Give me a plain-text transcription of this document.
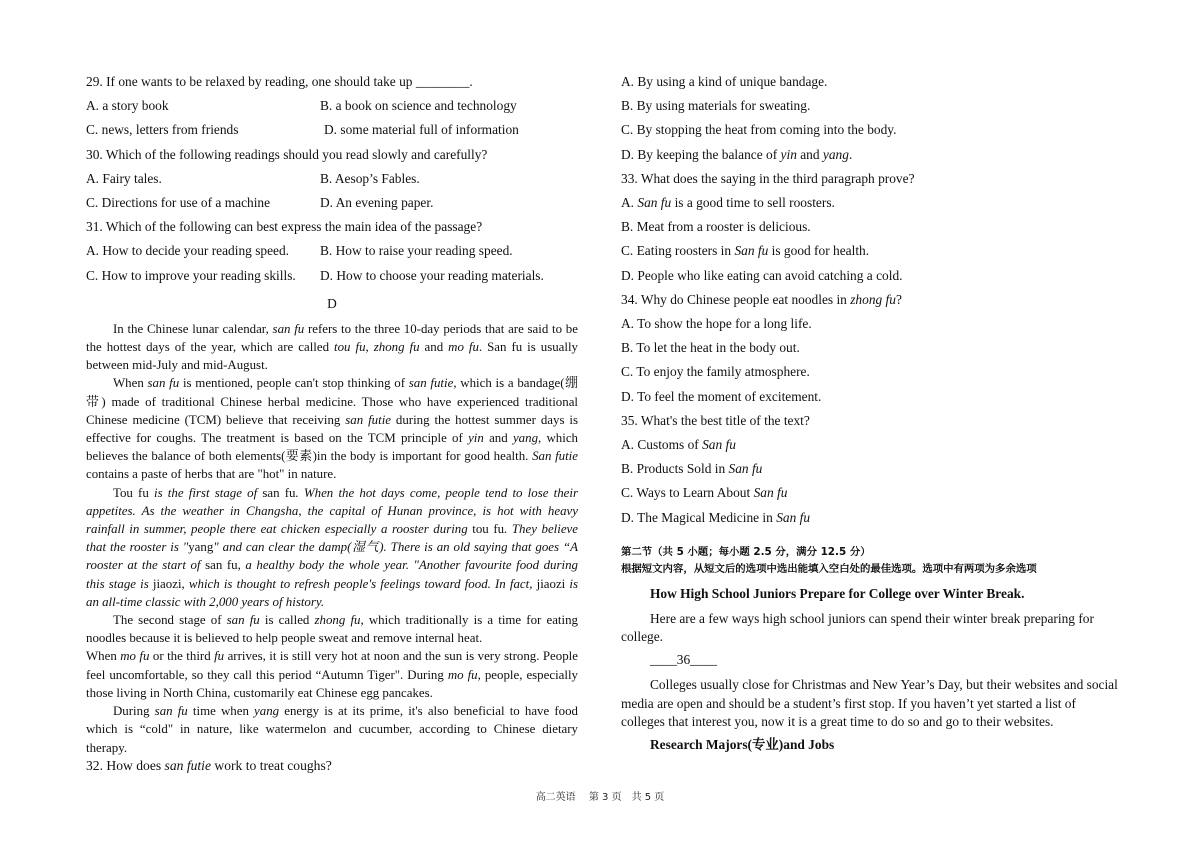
29. If one wants to be relaxed by reading, one should take up ________.
A. a story book	B. a book on science and technology
C. news, letters from friends	D. some material full of information
30. Which of the following readings should you read slowly and carefully?
A. Fairy tales.	B. Aesop’s Fables.
C. Directions for use of a machine	D. An evening paper.
31. Which of the following can best express the main idea of the passage?
A. How to decide your reading speed.	B. How to raise your reading speed.
C. How to improve your reading skills.	D. How to choose your reading materials.
D
In the Chinese lunar calendar, san fu refers to the three 10-day periods that are said to be the hottest days of the year, which are called tou fu, zhong fu and mo fu. San fu is usually between mid-July and mid-August.
When san fu is mentioned, people can't stop thinking of san futie, which is a bandage(绷带) made of traditional Chinese herbal medicine. Those who have experienced traditional Chinese medicine (TCM) believe that receiving san futie during the hottest summer days is effective for coughs. The treatment is based on the TCM principle of yin and yang, which believes the balance of both elements(要素)in the body is important for good health. San futie contains a paste of herbs that are "hot" in nature.
Tou fu is the first stage of san fu. When the hot days come, people tend to lose their appetites. As the weather in Changsha, the capital of Hunan province, is hot with heavy rainfall in summer, people there eat chicken especially a rooster during tou fu. They believe that the rooster is "yang" and can clear the damp(湿气). There is an old saying that goes “A rooster at the start of san fu, a healthy body the whole year. "Another favourite food during this stage is jiaozi, which is thought to refresh people's feelings toward food. In fact, jiaozi is an all-time classic with 2,000 years of history.
The second stage of san fu is called zhong fu, which traditionally is a time for eating noodles because it is believed to help people sweat and remove internal heat.
When mo fu or the third fu arrives, it is still very hot at noon and the sun is very strong. People feel uncomfortable, so they call this period “Autumn Tiger". During mo fu, people, especially those living in North China, customarily eat Chinese egg pancakes.
During san fu time when yang energy is at its prime, it's also beneficial to have food which is “cold" in nature, like watermelon and cucumber, according to Chinese dietary therapy.
32. How does san futie work to treat coughs?
A. By using a kind of unique bandage.
B. By using materials for sweating.
C. By stopping the heat from coming into the body.
D. By keeping the balance of yin and yang.
33. What does the saying in the third paragraph prove?
A. San fu is a good time to sell roosters.
B. Meat from a rooster is delicious.
C. Eating roosters in San fu is good for health.
D. People who like eating can avoid catching a cold.
34. Why do Chinese people eat noodles in zhong fu?
A. To show the hope for a long life.
B. To let the heat in the body out.
C. To enjoy the family atmosphere.
D. To feel the moment of excitement.
35. What's the best title of the text?
A. Customs of San fu
B. Products Sold in San fu
C. Ways to Learn About San fu
D. The Magical Medicine in San fu
第二节（共 5 小题；每小题 2.5 分，满分 12.5 分）
根据短文内容，从短文后的选项中选出能填入空白处的最佳选项。选项中有两项为多余选项
How High School Juniors Prepare for College over Winter Break.
Here are a few ways high school juniors can spend their winter break preparing for college.
____36____
Colleges usually close for Christmas and New Year’s Day, but their websites and social media are open and should be a student’s first stop. If you haven’t yet started a list of colleges that interest you, now it is a great time to do so and go to their websites.
Research Majors(专业)and Jobs
高二英语　 第 3 页　共 5 页
